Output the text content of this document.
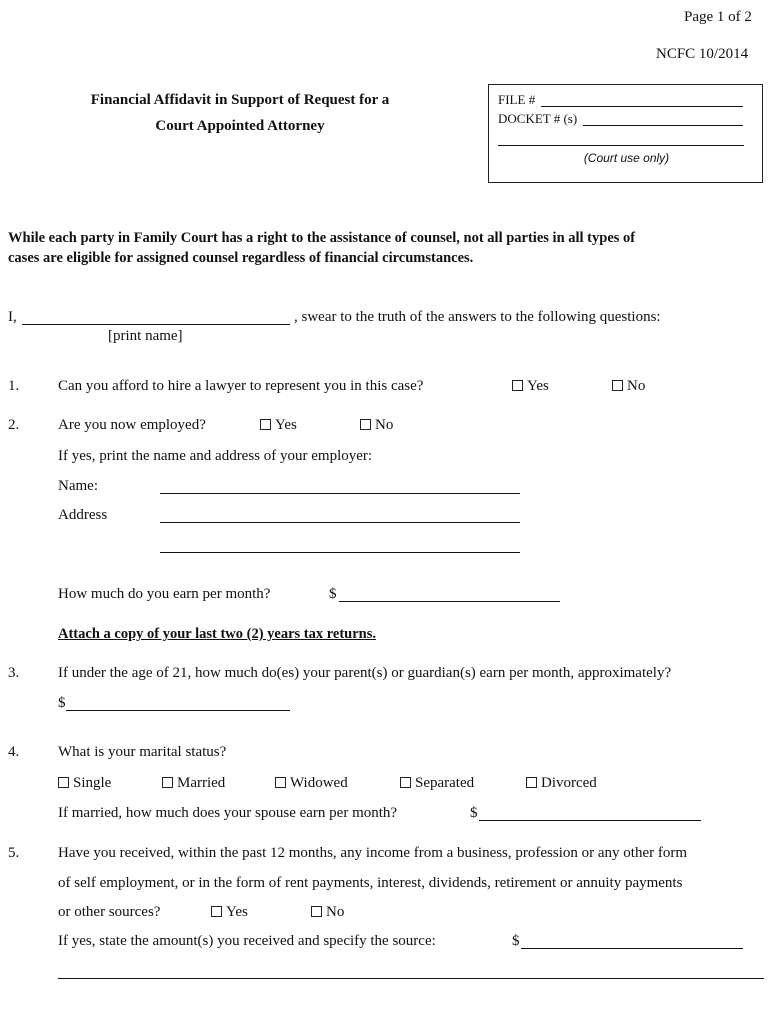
Page 1 of 2
NCFC 10/2014
Financial Affidavit in Support of Request for a
Court Appointed Attorney
FILE #
DOCKET # (s)
(Court use only)
While each party in Family Court has a right to the assistance of counsel, not all parties in all types of
cases are eligible for assigned counsel regardless of financial circumstances.
I,	, swear to the truth of the answers to the following questions:
[print name]
1.	Can you afford to hire a lawyer to represent you in this case?	Yes	No
2.	Are you now employed?	Yes	No
If yes, print the name and address of your employer:
Name:
Address
How much do you earn per month?	$
Attach a copy of your last two (2) years tax returns.
3.	If under the age of 21, how much do(es) your parent(s) or guardian(s) earn per month, approximately?
$
4.	What is your marital status?
Single	Married	Widowed	Separated	Divorced
If married, how much does your spouse earn per month?	$
5.	Have you received, within the past 12 months, any income from a business, profession or any other form
of self employment, or in the form of rent payments, interest, dividends, retirement or annuity payments
or other sources?	Yes	No
If yes, state the amount(s) you received and specify the source:	$
